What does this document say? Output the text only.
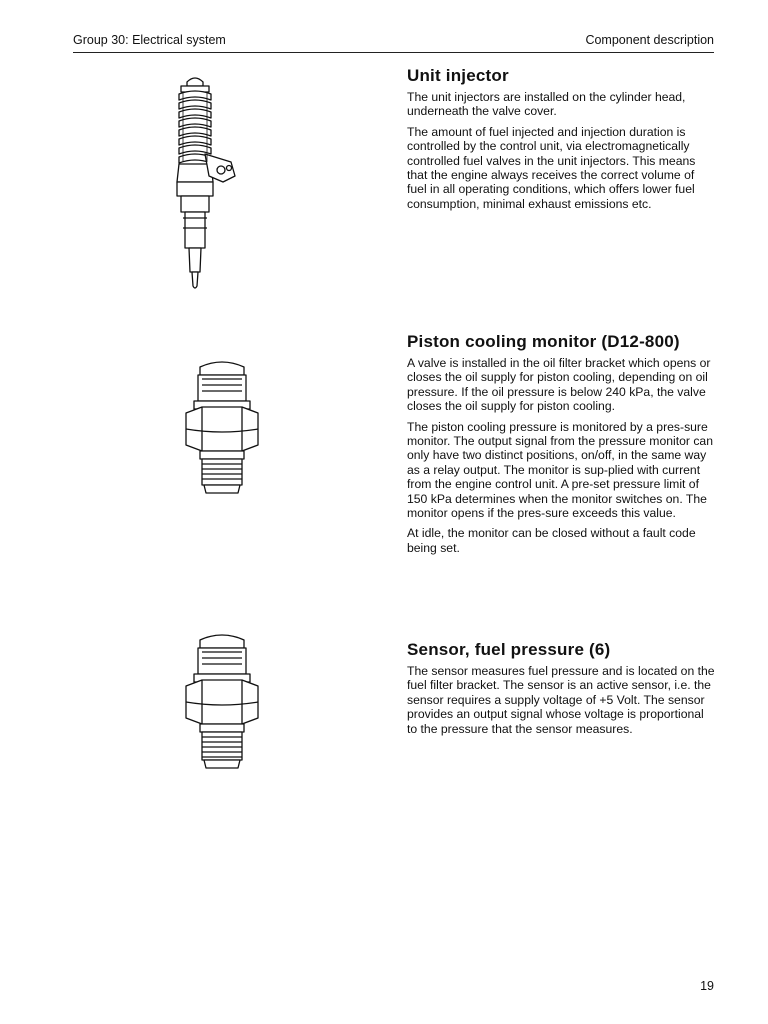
Group 30: Electrical system	Component description
Unit injector

The unit injectors are installed on the cylinder head, underneath the valve cover.

The amount of fuel injected and injection duration is controlled by the control unit, via electromagnetically controlled fuel valves in the unit injectors. This means that the engine always receives the correct volume of fuel in all operating conditions, which offers lower fuel consumption, minimal exhaust emissions etc.

Piston cooling monitor (D12-800)

A valve is installed in the oil filter bracket which opens or closes the oil supply for piston cooling, depending on oil pressure. If the oil pressure is below 240 kPa, the valve closes the oil supply for piston cooling.

The piston cooling pressure is monitored by a pres-sure monitor. The output signal from the pressure monitor can only have two distinct positions, on/off, in the same way as a relay output. The monitor is sup-plied with current from the engine control unit. A pre-set pressure limit of 150 kPa determines when the monitor switches on. The monitor opens if the pres-sure exceeds this value.

At idle, the monitor can be closed without a fault code being set.

Sensor, fuel pressure (6)

The sensor measures fuel pressure and is located on the fuel filter bracket. The sensor is an active sensor, i.e. the sensor requires a supply voltage of +5 Volt. The sensor provides an output signal whose voltage is proportional to the pressure that the sensor measures.

19
